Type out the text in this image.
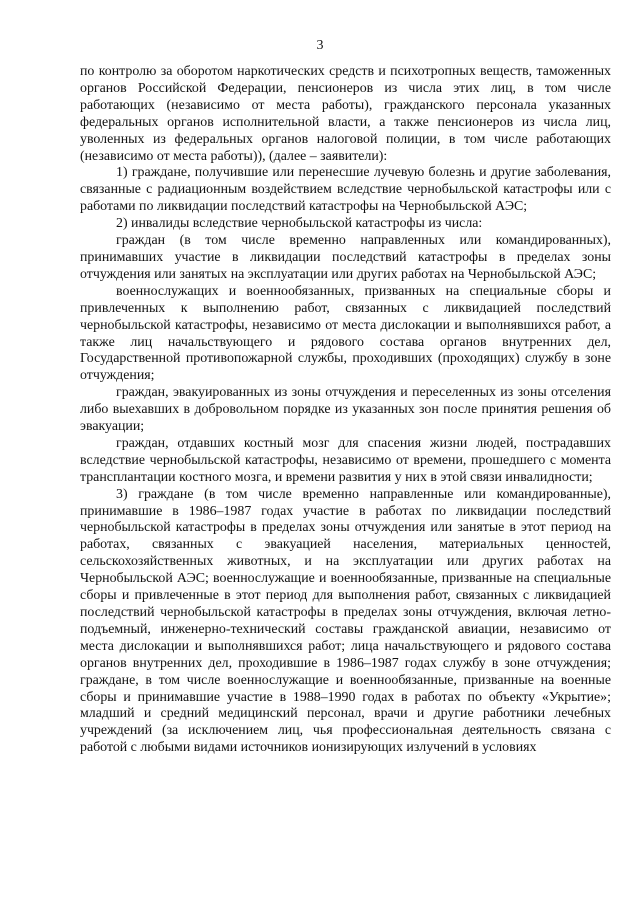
3

по контролю за оборотом наркотических средств и психотропных веществ, таможенных органов Российской Федерации, пенсионеров из числа этих лиц, в том числе работающих (независимо от места работы), гражданского персонала указанных федеральных органов исполнительной власти, а также пенсионеров из числа лиц, уволенных из федеральных органов налоговой полиции, в том числе работающих (независимо от места работы)), (далее – заявители):

1) граждане, получившие или перенесшие лучевую болезнь и другие заболевания, связанные с радиационным воздействием вследствие чернобыльской катастрофы или с работами по ликвидации последствий катастрофы на Чернобыльской АЭС;

2) инвалиды вследствие чернобыльской катастрофы из числа:

граждан (в том числе временно направленных или командированных), принимавших участие в ликвидации последствий катастрофы в пределах зоны отчуждения или занятых на эксплуатации или других работах на Чернобыльской АЭС;

военнослужащих и военнообязанных, призванных на специальные сборы и привлеченных к выполнению работ, связанных с ликвидацией последствий чернобыльской катастрофы, независимо от места дислокации и выполнявшихся работ, а также лиц начальствующего и рядового состава органов внутренних дел, Государственной противопожарной службы, проходивших (проходящих) службу в зоне отчуждения;

граждан, эвакуированных из зоны отчуждения и переселенных из зоны отселения либо выехавших в добровольном порядке из указанных зон после принятия решения об эвакуации;

граждан, отдавших костный мозг для спасения жизни людей, пострадавших вследствие чернобыльской катастрофы, независимо от времени, прошедшего с момента трансплантации костного мозга, и времени развития у них в этой связи инвалидности;

3) граждане (в том числе временно направленные или командированные), принимавшие в 1986–1987 годах участие в работах по ликвидации последствий чернобыльской катастрофы в пределах зоны отчуждения или занятые в этот период на работах, связанных с эвакуацией населения, материальных ценностей, сельскохозяйственных животных, и на эксплуатации или других работах на Чернобыльской АЭС; военнослужащие и военнообязанные, призванные на специальные сборы и привлеченные в этот период для выполнения работ, связанных с ликвидацией последствий чернобыльской катастрофы в пределах зоны отчуждения, включая летно-подъемный, инженерно-технический составы гражданской авиации, независимо от места дислокации и выполнявшихся работ; лица начальствующего и рядового состава органов внутренних дел, проходившие в 1986–1987 годах службу в зоне отчуждения; граждане, в том числе военнослужащие и военнообязанные, призванные на военные сборы и принимавшие участие в 1988–1990 годах в работах по объекту «Укрытие»; младший и средний медицинский персонал, врачи и другие работники лечебных учреждений (за исключением лиц, чья профессиональная деятельность связана с работой с любыми видами источников ионизирующих излучений в условиях
